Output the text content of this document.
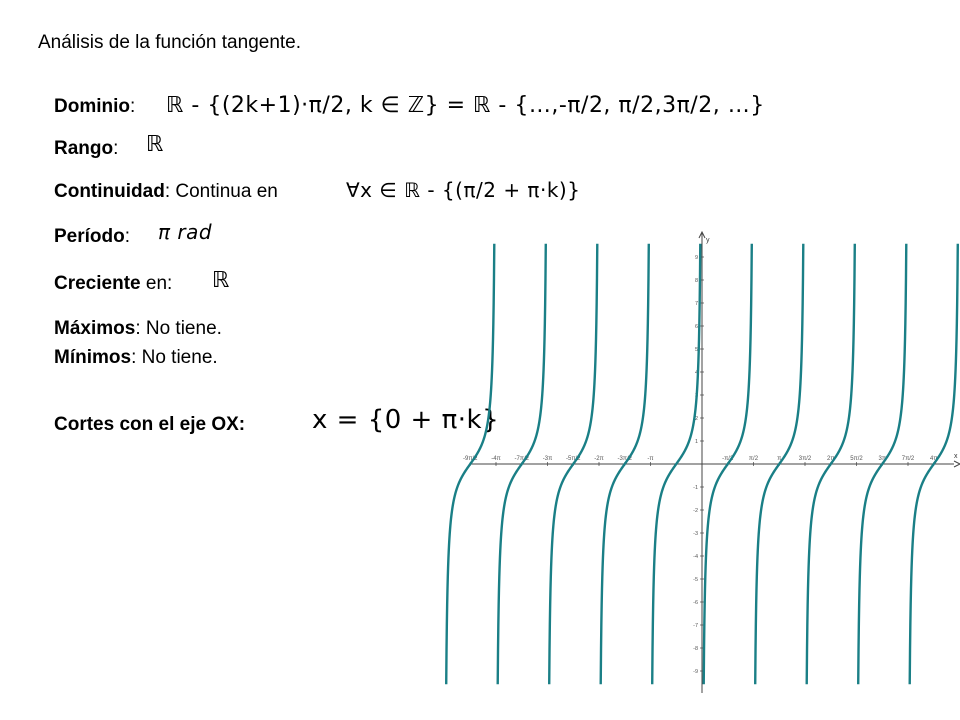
Análisis de la función tangente.
Dominio: ℝ - {(2k+1)·π/2, k ∈ ℤ} = ℝ - {…,-π/2, π/2,3π/2, …}
Rango: ℝ
Continuidad: Continua en	∀x ∈ ℝ - {(π/2 + π·k)}
Período: π rad
Creciente en: ℝ
Máximos: No tiene.
Mínimos: No tiene.
Cortes con el eje OX:	x = {0 + π·k}
x
y
-9π/2 -4π -7π/2 -3π -5π/2 -2π -3π/2	-π	-π/2	π/2	π	3π/2	2π	5π/2	3π	7π/2	4π
-9
-8
-7
-6
-5
-4
-3
-2
-1
1
2
3
4
5
6
7
8
9
